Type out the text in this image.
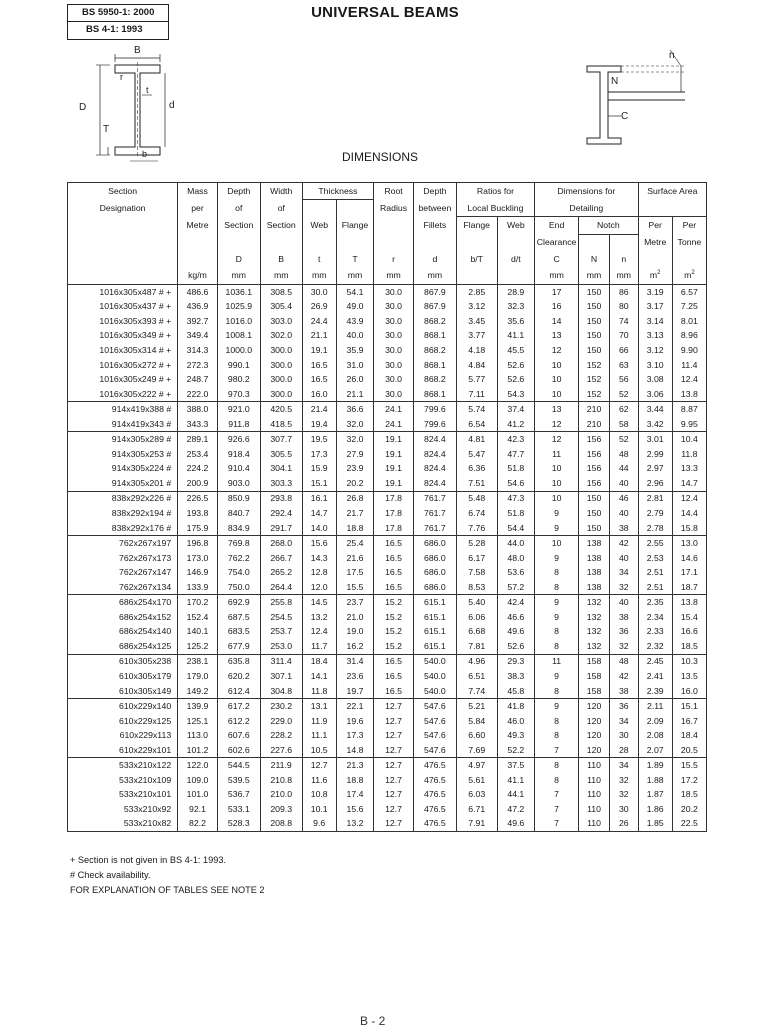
BS 5950-1: 2000
BS 4-1: 1993
UNIVERSAL BEAMS
B
D	d
r
t
T
b
n
N
C
DIMENSIONS
Section	Mass	Depth	Width	Thickness		Root	Depth	Ratios for		Dimensions for			Surface Area	
Designation	per	of	of			Radius	between	Local Buckling		Detailing				
	Metre	Section	Section	Web	Flange		Fillets	Flange	Web	End	Notch		Per	Per
										Clearance			Metre	Tonne
		D	B	t	T	r	d	b/T	d/t	C	N	n		
	kg/m	mm	mm	mm	mm	mm	mm			mm	mm	mm	$m^2$	$m^2$
1016x305x487 # +	486.6	1036.1	308.5	30.0	54.1	30.0	867.9	2.85	28.9	17	150	86	3.19	6.57
1016x305x437 # +	436.9	1025.9	305.4	26.9	49.0	30.0	867.9	3.12	32.3	16	150	80	3.17	7.25
1016x305x393 # +	392.7	1016.0	303.0	24.4	43.9	30.0	868.2	3.45	35.6	14	150	74	3.14	8.01
1016x305x349 # +	349.4	1008.1	302.0	21.1	40.0	30.0	868.1	3.77	41.1	13	150	70	3.13	8.96
1016x305x314 # +	314.3	1000.0	300.0	19.1	35.9	30.0	868.2	4.18	45.5	12	150	66	3.12	9.90
1016x305x272 # +	272.3	990.1	300.0	16.5	31.0	30.0	868.1	4.84	52.6	10	152	63	3.10	11.4
1016x305x249 # +	248.7	980.2	300.0	16.5	26.0	30.0	868.2	5.77	52.6	10	152	56	3.08	12.4
1016x305x222 # +	222.0	970.3	300.0	16.0	21.1	30.0	868.1	7.11	54.3	10	152	52	3.06	13.8
914x419x388 #	388.0	921.0	420.5	21.4	36.6	24.1	799.6	5.74	37.4	13	210	62	3.44	8.87
914x419x343 #	343.3	911.8	418.5	19.4	32.0	24.1	799.6	6.54	41.2	12	210	58	3.42	9.95
914x305x289 #	289.1	926.6	307.7	19.5	32.0	19.1	824.4	4.81	42.3	12	156	52	3.01	10.4
914x305x253 #	253.4	918.4	305.5	17.3	27.9	19.1	824.4	5.47	47.7	11	156	48	2.99	11.8
914x305x224 #	224.2	910.4	304.1	15.9	23.9	19.1	824.4	6.36	51.8	10	156	44	2.97	13.3
914x305x201 #	200.9	903.0	303.3	15.1	20.2	19.1	824.4	7.51	54.6	10	156	40	2.96	14.7
838x292x226 #	226.5	850.9	293.8	16.1	26.8	17.8	761.7	5.48	47.3	10	150	46	2.81	12.4
838x292x194 #	193.8	840.7	292.4	14.7	21.7	17.8	761.7	6.74	51.8	9	150	40	2.79	14.4
838x292x176 #	175.9	834.9	291.7	14.0	18.8	17.8	761.7	7.76	54.4	9	150	38	2.78	15.8
762x267x197	196.8	769.8	268.0	15.6	25.4	16.5	686.0	5.28	44.0	10	138	42	2.55	13.0
762x267x173	173.0	762.2	266.7	14.3	21.6	16.5	686.0	6.17	48.0	9	138	40	2.53	14.6
762x267x147	146.9	754.0	265.2	12.8	17.5	16.5	686.0	7.58	53.6	8	138	34	2.51	17.1
762x267x134	133.9	750.0	264.4	12.0	15.5	16.5	686.0	8.53	57.2	8	138	32	2.51	18.7
686x254x170	170.2	692.9	255.8	14.5	23.7	15.2	615.1	5.40	42.4	9	132	40	2.35	13.8
686x254x152	152.4	687.5	254.5	13.2	21.0	15.2	615.1	6.06	46.6	9	132	38	2.34	15.4
686x254x140	140.1	683.5	253.7	12.4	19.0	15.2	615.1	6.68	49.6	8	132	36	2.33	16.6
686x254x125	125.2	677.9	253.0	11.7	16.2	15.2	615.1	7.81	52.6	8	132	32	2.32	18.5
610x305x238	238.1	635.8	311.4	18.4	31.4	16.5	540.0	4.96	29.3	11	158	48	2.45	10.3
610x305x179	179.0	620.2	307.1	14.1	23.6	16.5	540.0	6.51	38.3	9	158	42	2.41	13.5
610x305x149	149.2	612.4	304.8	11.8	19.7	16.5	540.0	7.74	45.8	8	158	38	2.39	16.0
610x229x140	139.9	617.2	230.2	13.1	22.1	12.7	547.6	5.21	41.8	9	120	36	2.11	15.1
610x229x125	125.1	612.2	229.0	11.9	19.6	12.7	547.6	5.84	46.0	8	120	34	2.09	16.7
610x229x113	113.0	607.6	228.2	11.1	17.3	12.7	547.6	6.60	49.3	8	120	30	2.08	18.4
610x229x101	101.2	602.6	227.6	10.5	14.8	12.7	547.6	7.69	52.2	7	120	28	2.07	20.5
533x210x122	122.0	544.5	211.9	12.7	21.3	12.7	476.5	4.97	37.5	8	110	34	1.89	15.5
533x210x109	109.0	539.5	210.8	11.6	18.8	12.7	476.5	5.61	41.1	8	110	32	1.88	17.2
533x210x101	101.0	536.7	210.0	10.8	17.4	12.7	476.5	6.03	44.1	7	110	32	1.87	18.5
533x210x92	92.1	533.1	209.3	10.1	15.6	12.7	476.5	6.71	47.2	7	110	30	1.86	20.2
533x210x82	82.2	528.3	208.8	9.6	13.2	12.7	476.5	7.91	49.6	7	110	26	1.85	22.5
+ Section is not given in BS 4-1: 1993.
# Check availability.
FOR EXPLANATION OF TABLES SEE NOTE 2
B - 2
